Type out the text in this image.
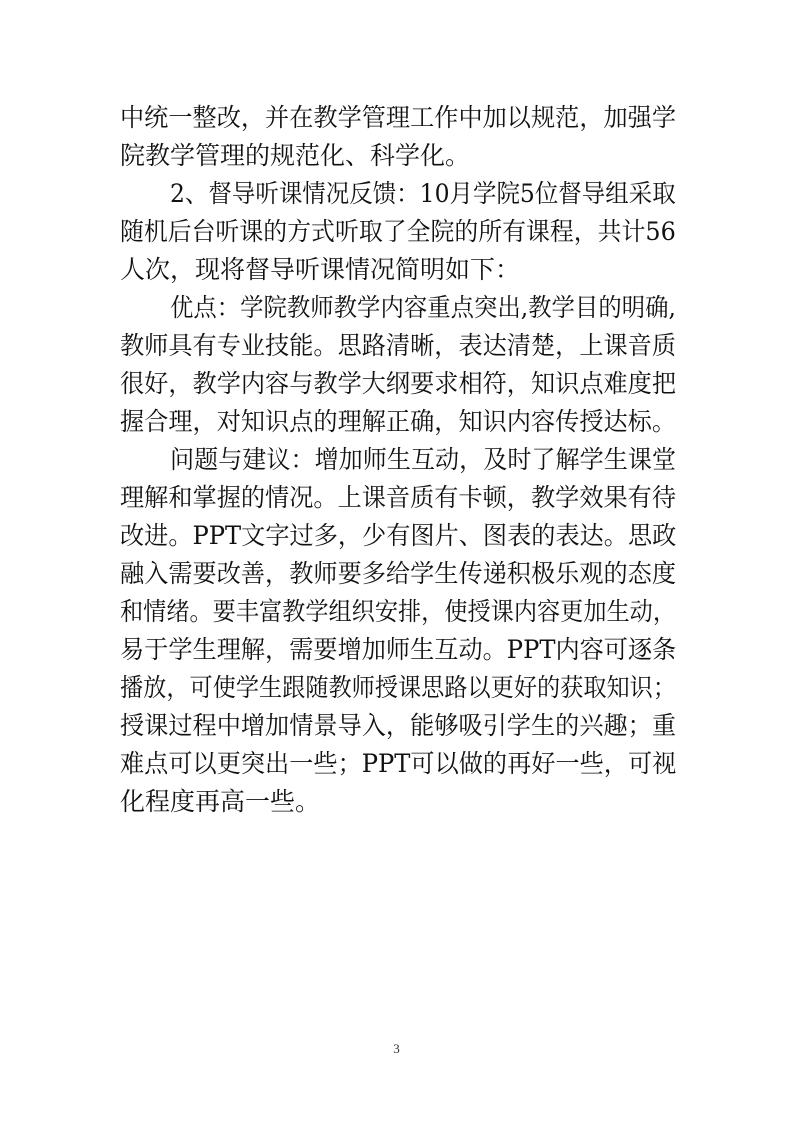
中统一整改，并在教学管理工作中加以规范，加强学
院教学管理的规范化、科学化。
2、督导听课情况反馈：10月学院5位督导组采取
随机后台听课的方式听取了全院的所有课程，共计56
人次，现将督导听课情况简明如下：
优点：学院教师教学内容重点突出,教学目的明确,
教师具有专业技能。思路清晰，表达清楚，上课音质
很好，教学内容与教学大纲要求相符，知识点难度把
握合理，对知识点的理解正确，知识内容传授达标。
问题与建议：增加师生互动，及时了解学生课堂
理解和掌握的情况。上课音质有卡顿，教学效果有待
改进。PPT文字过多，少有图片、图表的表达。思政
融入需要改善，教师要多给学生传递积极乐观的态度
和情绪。要丰富教学组织安排，使授课内容更加生动，
易于学生理解，需要增加师生互动。PPT内容可逐条
播放，可使学生跟随教师授课思路以更好的获取知识；
授课过程中增加情景导入，能够吸引学生的兴趣；重
难点可以更突出一些；PPT可以做的再好一些，可视
化程度再高一些。
3
